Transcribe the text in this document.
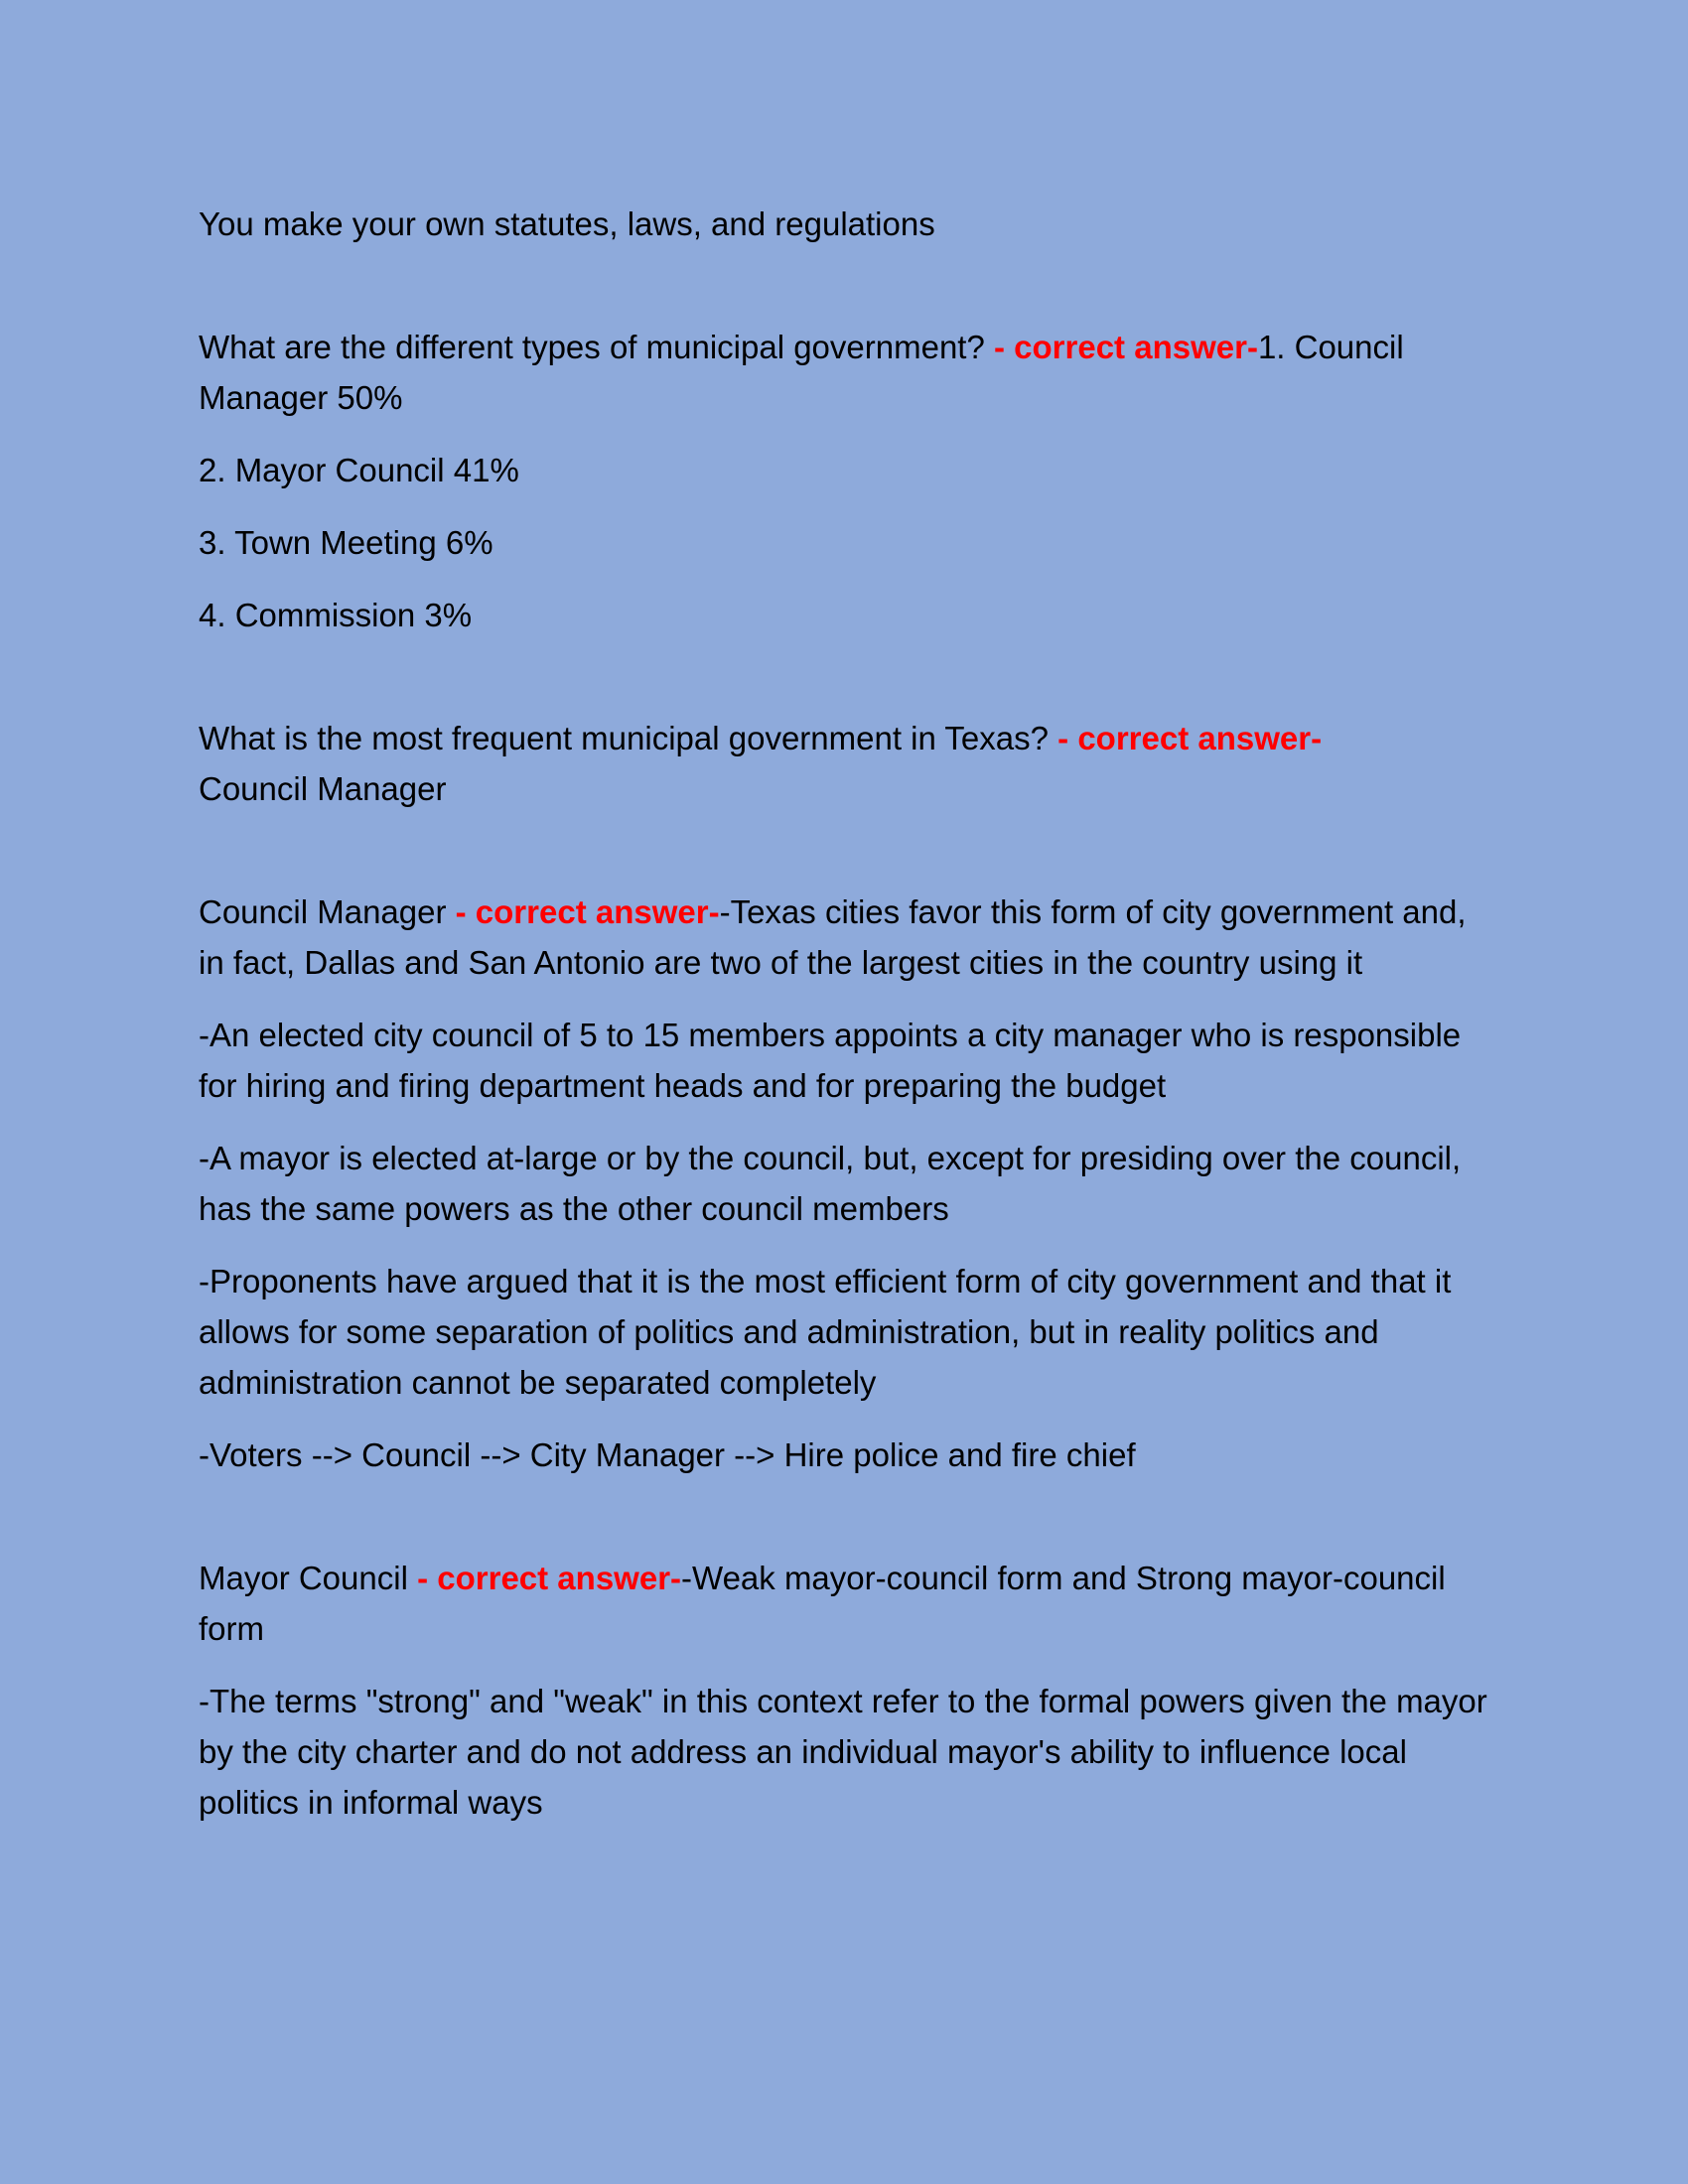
You make your own statutes, laws, and regulations

What are the different types of municipal government? - correct answer-1. Council Manager 50%

2. Mayor Council 41%

3. Town Meeting 6%

4. Commission 3%

What is the most frequent municipal government in Texas? - correct answer-
Council Manager

Council Manager - correct answer--Texas cities favor this form of city government and, in fact, Dallas and San Antonio are two of the largest cities in the country using it

-An elected city council of 5 to 15 members appoints a city manager who is responsible for hiring and firing department heads and for preparing the budget

-A mayor is elected at-large or by the council, but, except for presiding over the council, has the same powers as the other council members

-Proponents have argued that it is the most efficient form of city government and that it allows for some separation of politics and administration, but in reality politics and administration cannot be separated completely

-Voters --> Council --> City Manager --> Hire police and fire chief

Mayor Council - correct answer--Weak mayor-council form and Strong mayor-council form

-The terms "strong" and "weak" in this context refer to the formal powers given the mayor by the city charter and do not address an individual mayor's ability to influence local politics in informal ways
